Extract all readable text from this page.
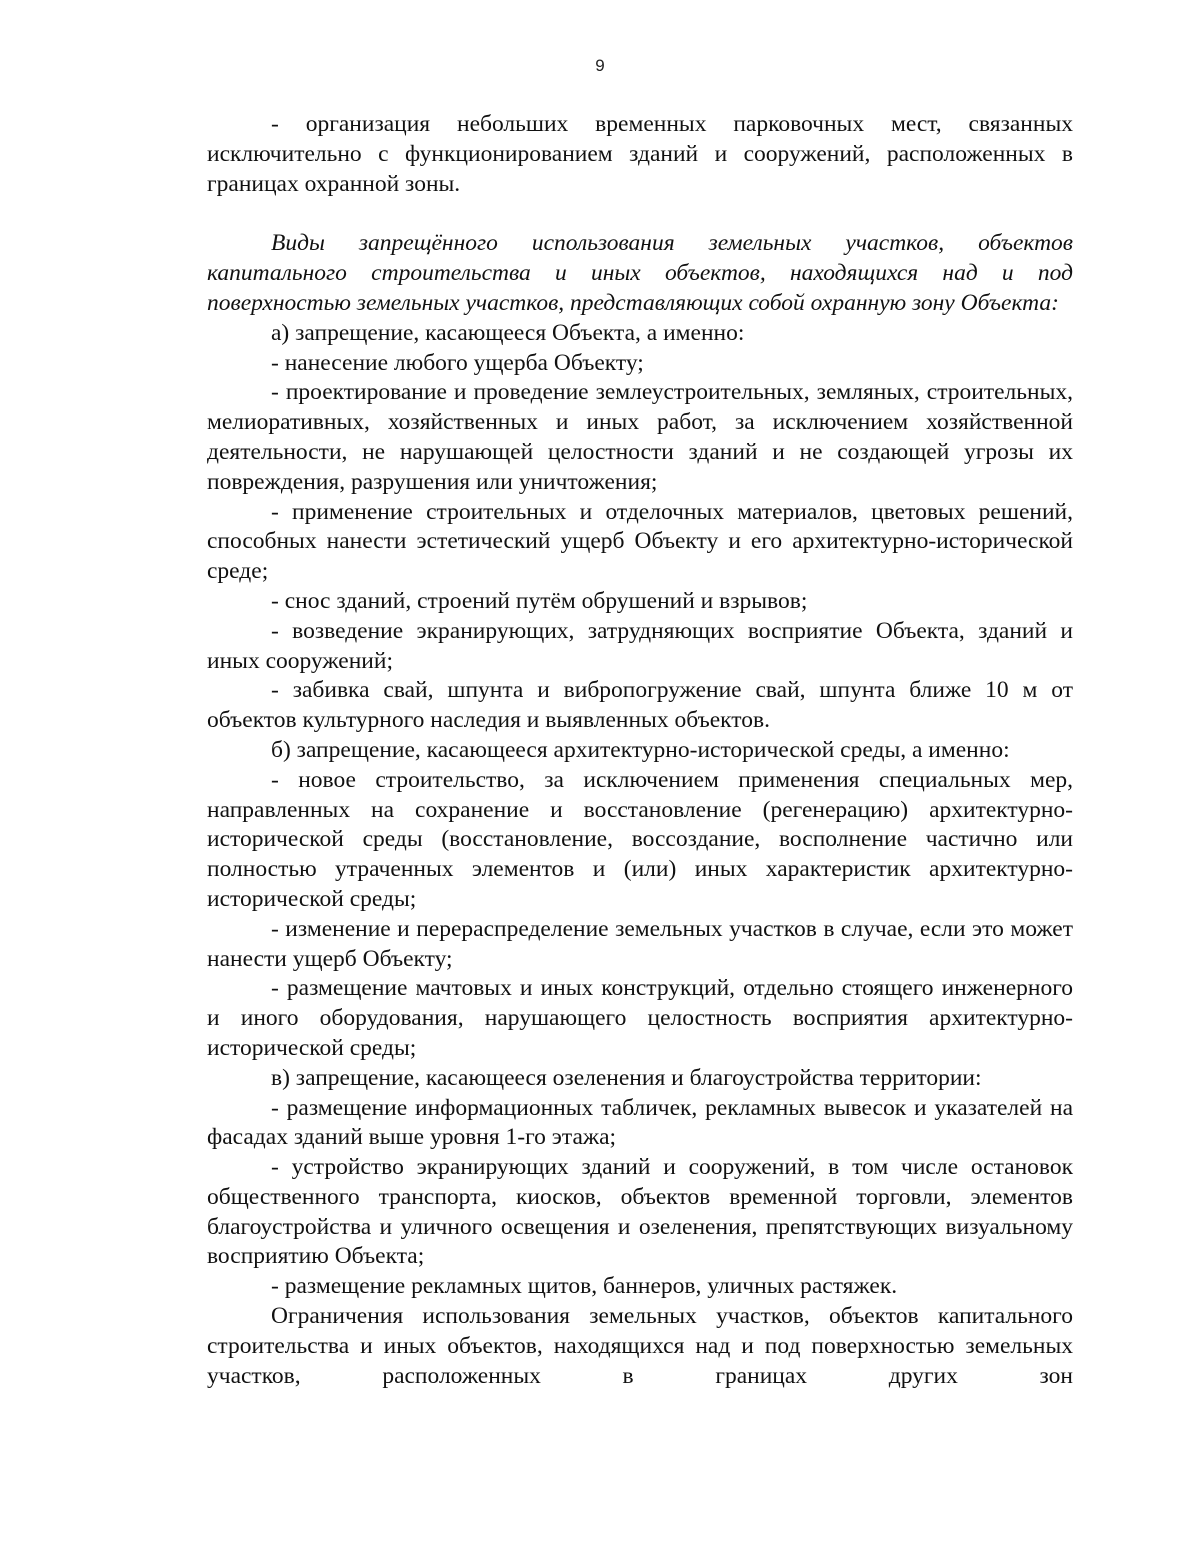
9

- организация небольших временных парковочных мест, связанных исключительно с функционированием зданий и сооружений, расположенных в границах охранной зоны.

Виды запрещённого использования земельных участков, объектов капитального строительства и иных объектов, находящихся над и под поверхностью земельных участков, представляющих собой охранную зону Объекта:

а) запрещение, касающееся Объекта, а именно:

- нанесение любого ущерба Объекту;

- проектирование и проведение землеустроительных, земляных, строительных, мелиоративных, хозяйственных и иных работ, за исключением хозяйственной деятельности, не нарушающей целостности зданий и не создающей угрозы их повреждения, разрушения или уничтожения;

- применение строительных и отделочных материалов, цветовых решений, способных нанести эстетический ущерб Объекту и его архитектурно-исторической среде;

- снос зданий, строений путём обрушений и взрывов;

- возведение экранирующих, затрудняющих восприятие Объекта, зданий и иных сооружений;

- забивка свай, шпунта и вибропогружение свай, шпунта ближе 10 м от объектов культурного наследия и выявленных объектов.

б) запрещение, касающееся архитектурно-исторической среды, а именно:

- новое строительство, за исключением применения специальных мер, направленных на сохранение и восстановление (регенерацию) архитектурно-исторической среды (восстановление, воссоздание, восполнение частично или полностью утраченных элементов и (или) иных характеристик архитектурно-исторической среды;

- изменение и перераспределение земельных участков в случае, если это может нанести ущерб Объекту;

- размещение мачтовых и иных конструкций, отдельно стоящего инженерного и иного оборудования, нарушающего целостность восприятия архитектурно-исторической среды;

в) запрещение, касающееся озеленения и благоустройства территории:

- размещение информационных табличек, рекламных вывесок и указателей на фасадах зданий выше уровня 1-го этажа;

- устройство экранирующих зданий и сооружений, в том числе остановок общественного транспорта, киосков, объектов временной торговли, элементов благоустройства и уличного освещения и озеленения, препятствующих визуальному восприятию Объекта;

- размещение рекламных щитов, баннеров, уличных растяжек.

Ограничения использования земельных участков, объектов капитального строительства и иных объектов, находящихся над и под поверхностью земельных участков, расположенных в границах других зон
